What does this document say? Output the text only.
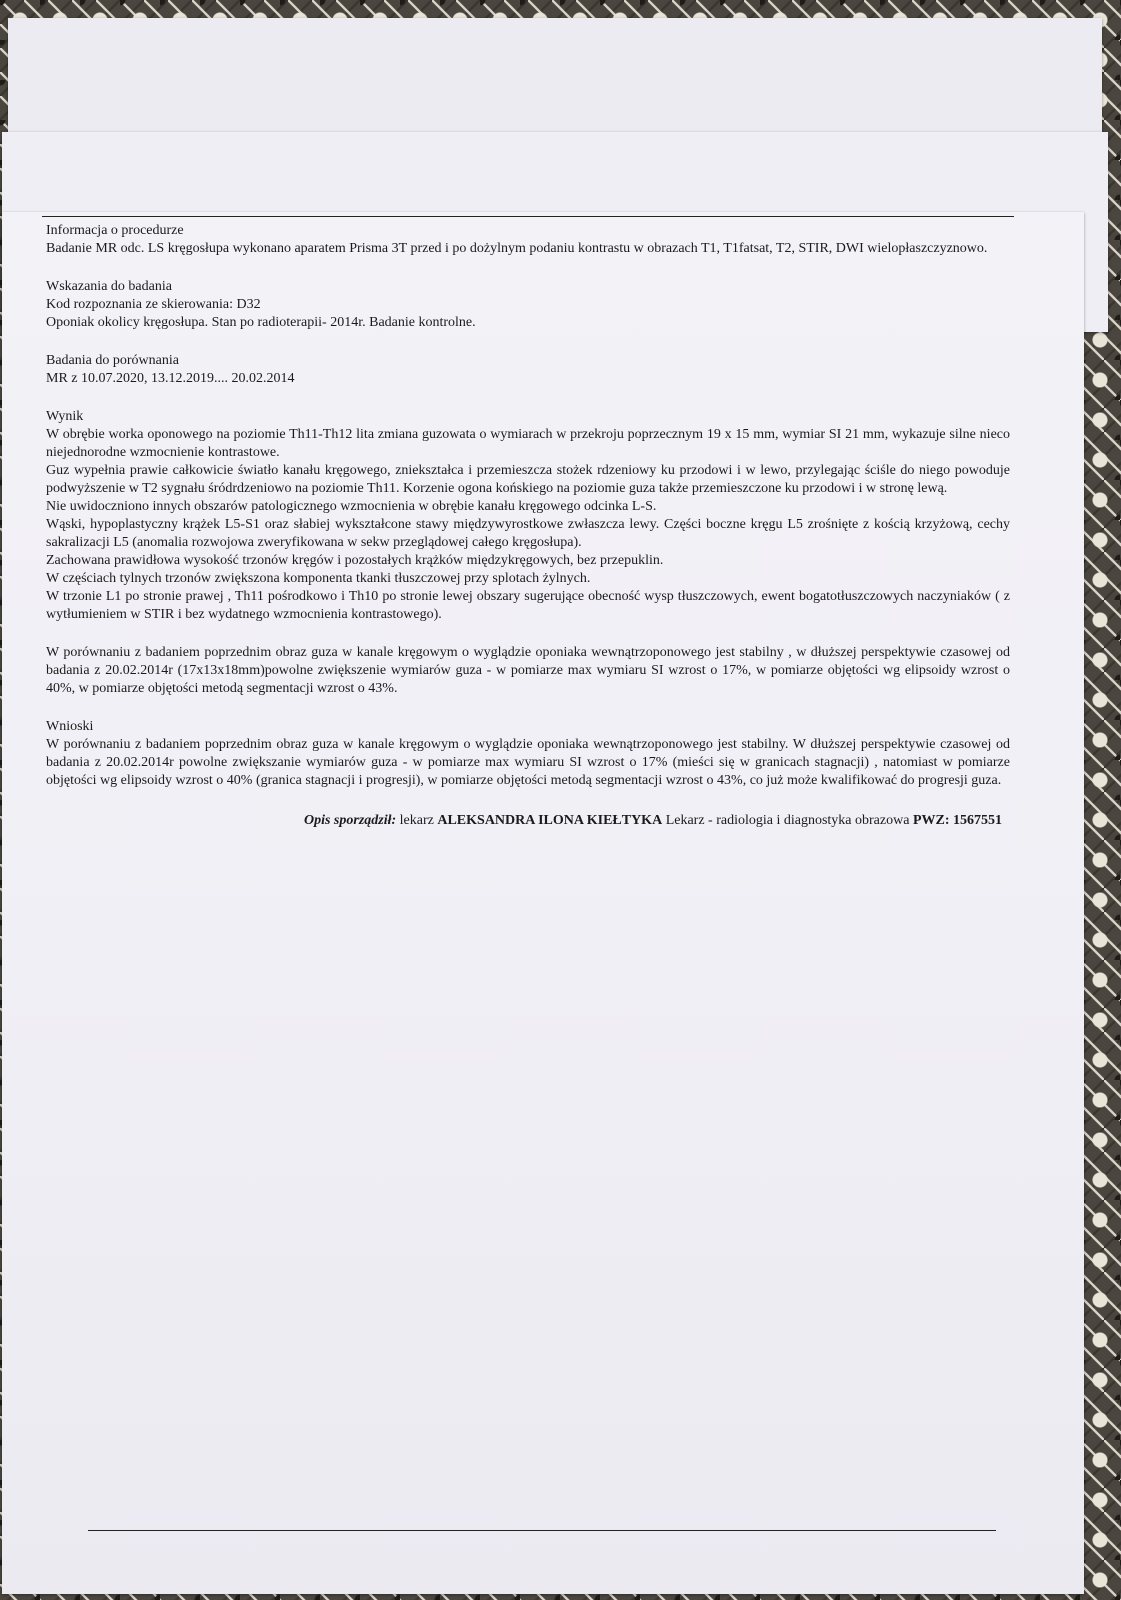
Informacja o procedurze

Badanie MR odc. LS kręgosłupa wykonano aparatem Prisma 3T przed i po dożylnym podaniu kontrastu w obrazach T1, T1fatsat, T2, STIR, DWI wielopłaszczyznowo.

Wskazania do badania

Kod rozpoznania ze skierowania: D32

Oponiak okolicy kręgosłupa. Stan po radioterapii- 2014r. Badanie kontrolne.

Badania do porównania

MR z 10.07.2020, 13.12.2019.... 20.02.2014

Wynik

W obrębie worka oponowego na poziomie Th11-Th12 lita zmiana guzowata o wymiarach w przekroju poprzecznym 19 x 15 mm, wymiar SI 21 mm, wykazuje silne nieco niejednorodne wzmocnienie kontrastowe.

Guz wypełnia prawie całkowicie światło kanału kręgowego, zniekształca i przemieszcza stożek rdzeniowy ku przodowi i w lewo, przylegając ściśle do niego powoduje podwyższenie w T2 sygnału śródrdzeniowo na poziomie Th11. Korzenie ogona końskiego na poziomie guza także przemieszczone ku przodowi i w stronę lewą.

Nie uwidoczniono innych obszarów patologicznego wzmocnienia w obrębie kanału kręgowego odcinka L-S.

Wąski, hypoplastyczny krążek L5-S1 oraz słabiej wykształcone stawy międzywyrostkowe zwłaszcza lewy. Części boczne kręgu L5 zrośnięte z kością krzyżową, cechy sakralizacji L5 (anomalia rozwojowa zweryfikowana w sekw przeglądowej całego kręgosłupa).

Zachowana prawidłowa wysokość trzonów kręgów i pozostałych krążków międzykręgowych, bez przepuklin.

W częściach tylnych trzonów zwiększona komponenta tkanki tłuszczowej przy splotach żylnych.

W trzonie L1 po stronie prawej , Th11 pośrodkowo i Th10 po stronie lewej obszary sugerujące obecność wysp tłuszczowych, ewent bogatotłuszczowych naczyniaków ( z wytłumieniem w STIR i bez wydatnego wzmocnienia kontrastowego).

W porównaniu z badaniem poprzednim obraz guza w kanale kręgowym o wyglądzie oponiaka wewnątrzoponowego jest stabilny , w dłuższej perspektywie czasowej od badania z 20.02.2014r (17x13x18mm)powolne zwiększenie wymiarów guza - w pomiarze max wymiaru SI wzrost o 17%, w pomiarze objętości wg elipsoidy wzrost o 40%, w pomiarze objętości metodą segmentacji wzrost o 43%.

Wnioski

W porównaniu z badaniem poprzednim obraz guza w kanale kręgowym o wyglądzie oponiaka wewnątrzoponowego jest stabilny. W dłuższej perspektywie czasowej od badania z 20.02.2014r powolne zwiększanie wymiarów guza - w pomiarze max wymiaru SI wzrost o 17% (mieści się w granicach stagnacji) , natomiast w pomiarze objętości wg elipsoidy wzrost o 40% (granica stagnacji i progresji), w pomiarze objętości metodą segmentacji wzrost o 43%, co już może kwalifikować do progresji guza.

Opis sporządził: lekarz ALEKSANDRA ILONA KIEŁTYKA Lekarz - radiologia i diagnostyka obrazowa PWZ: 1567551
